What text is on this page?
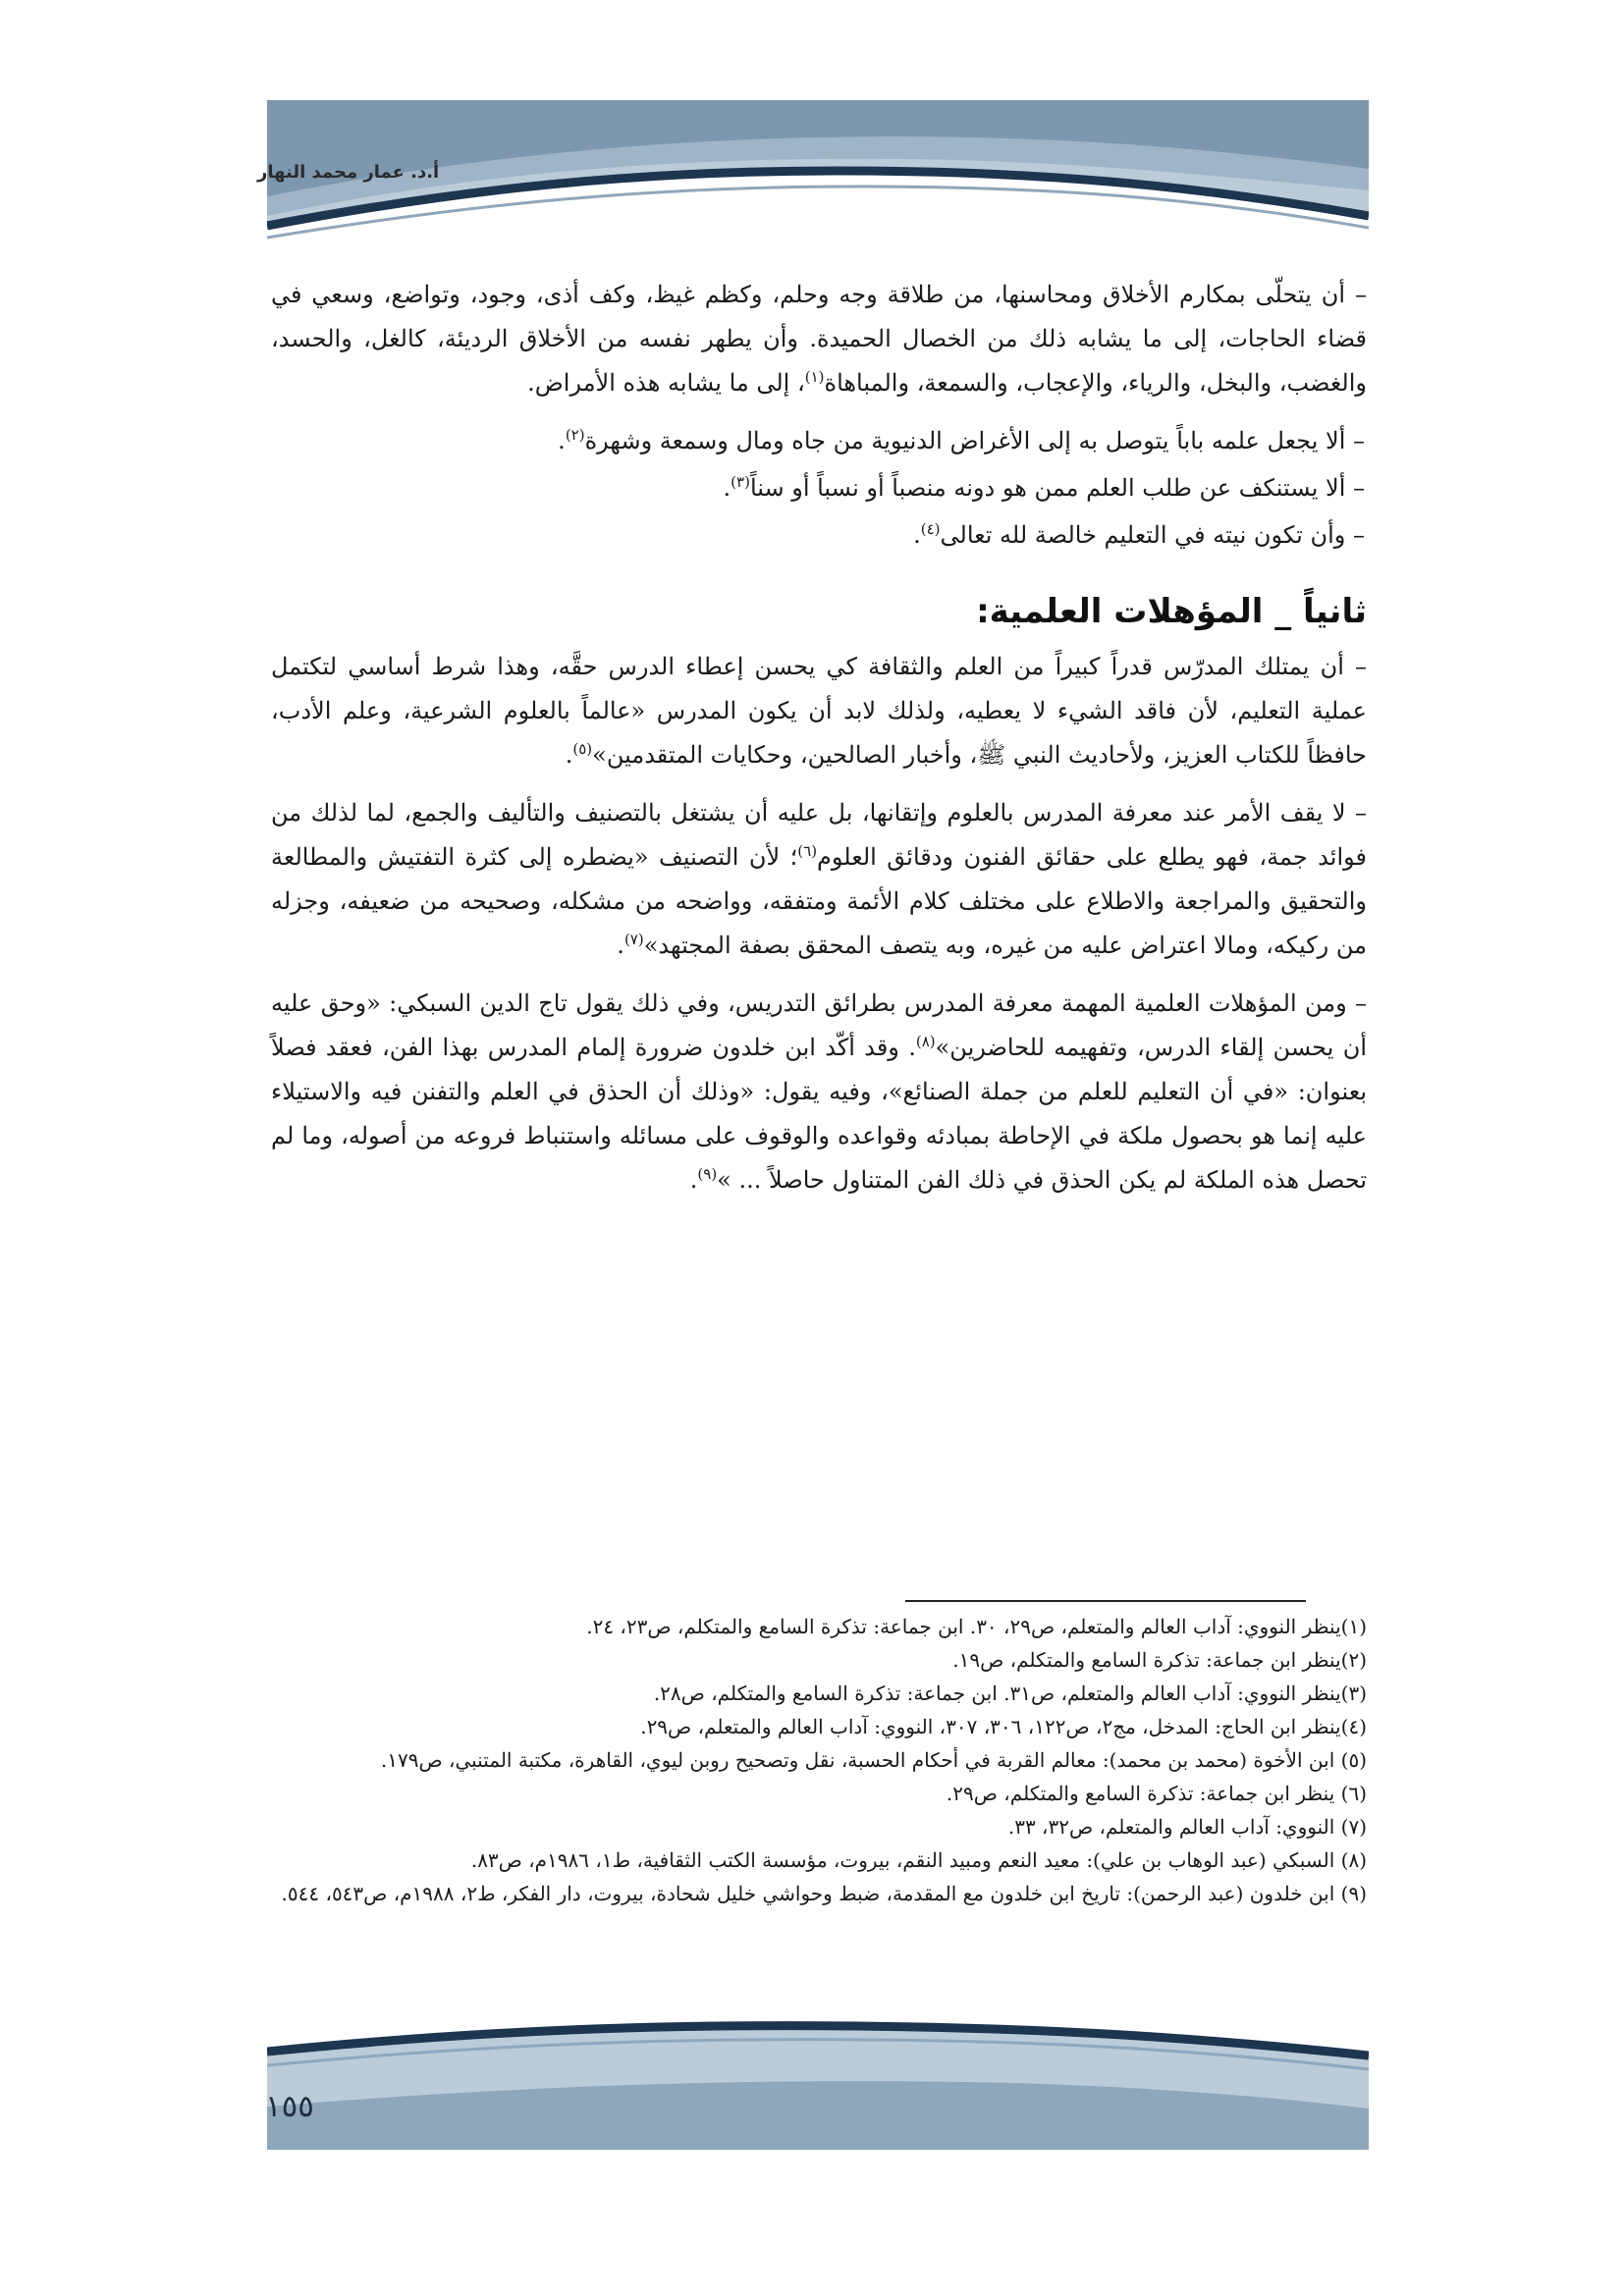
أ.د. عمار محمد النهار

– أن يتحلّى بمكارم الأخلاق ومحاسنها، من طلاقة وجه وحلم، وكظم غيظ، وكف أذى، وجود، وتواضع، وسعي في قضاء الحاجات، إلى ما يشابه ذلك من الخصال الحميدة. وأن يطهر نفسه من الأخلاق الرديئة، كالغل، والحسد، والغضب، والبخل، والرياء، والإعجاب، والسمعة، والمباهاة$^{(١)}$، إلى ما يشابه هذه الأمراض.

– ألا يجعل علمه باباً يتوصل به إلى الأغراض الدنيوية من جاه ومال وسمعة وشهرة$^{(٢)}$.

– ألا يستنكف عن طلب العلم ممن هو دونه منصباً أو نسباً أو سناً$^{(٣)}$.

– وأن تكون نيته في التعليم خالصة لله تعالى$^{(٤)}$.

ثانياً _ المؤهلات العلمية:

– أن يمتلك المدرّس قدراً كبيراً من العلم والثقافة كي يحسن إعطاء الدرس حقَّه، وهذا شرط أساسي لتكتمل عملية التعليم، لأن فاقد الشيء لا يعطيه، ولذلك لابد أن يكون المدرس «عالماً بالعلوم الشرعية، وعلم الأدب، حافظاً للكتاب العزيز، ولأحاديث النبي ﷺ، وأخبار الصالحين، وحكايات المتقدمين»$^{(٥)}$.

– لا يقف الأمر عند معرفة المدرس بالعلوم وإتقانها، بل عليه أن يشتغل بالتصنيف والتأليف والجمع، لما لذلك من فوائد جمة، فهو يطلع على حقائق الفنون ودقائق العلوم$^{(٦)}$؛ لأن التصنيف «يضطره إلى كثرة التفتيش والمطالعة والتحقيق والمراجعة والاطلاع على مختلف كلام الأئمة ومتفقه، وواضحه من مشكله، وصحيحه من ضعيفه، وجزله من ركيكه، ومالا اعتراض عليه من غيره، وبه يتصف المحقق بصفة المجتهد»$^{(٧)}$.

– ومن المؤهلات العلمية المهمة معرفة المدرس بطرائق التدريس، وفي ذلك يقول تاج الدين السبكي: «وحق عليه أن يحسن إلقاء الدرس، وتفهيمه للحاضرين»$^{(٨)}$. وقد أكّد ابن خلدون ضرورة إلمام المدرس بهذا الفن، فعقد فصلاً بعنوان: «في أن التعليم للعلم من جملة الصنائع»، وفيه يقول: «وذلك أن الحذق في العلم والتفنن فيه والاستيلاء عليه إنما هو بحصول ملكة في الإحاطة بمبادئه وقواعده والوقوف على مسائله واستنباط فروعه من أصوله، وما لم تحصل هذه الملكة لم يكن الحذق في ذلك الفن المتناول حاصلاً ... »$^{(٩)}$.

(١)ينظر النووي: آداب العالم والمتعلم، ص٢٩، ٣٠. ابن جماعة: تذكرة السامع والمتكلم، ص٢٣، ٢٤.

(٢)ينظر ابن جماعة: تذكرة السامع والمتكلم، ص١٩.

(٣)ينظر النووي: آداب العالم والمتعلم، ص٣١. ابن جماعة: تذكرة السامع والمتكلم، ص٢٨.

(٤)ينظر ابن الحاج: المدخل، مج٢، ص١٢٢، ٣٠٦، ٣٠٧، النووي: آداب العالم والمتعلم، ص٢٩.

(٥) ابن الأخوة (محمد بن محمد): معالم القربة في أحكام الحسبة، نقل وتصحيح روبن ليوي، القاهرة، مكتبة المتنبي، ص١٧٩.

(٦) ينظر ابن جماعة: تذكرة السامع والمتكلم، ص٢٩.

(٧) النووي: آداب العالم والمتعلم، ص٣٢، ٣٣.

(٨) السبكي (عبد الوهاب بن علي): معيد النعم ومبيد النقم، بيروت، مؤسسة الكتب الثقافية، ط١، ١٩٨٦م، ص٨٣.

(٩) ابن خلدون (عبد الرحمن): تاريخ ابن خلدون مع المقدمة، ضبط وحواشي خليل شحادة، بيروت، دار الفكر، ط٢، ١٩٨٨م، ص٥٤٣، ٥٤٤.

١٥٥
